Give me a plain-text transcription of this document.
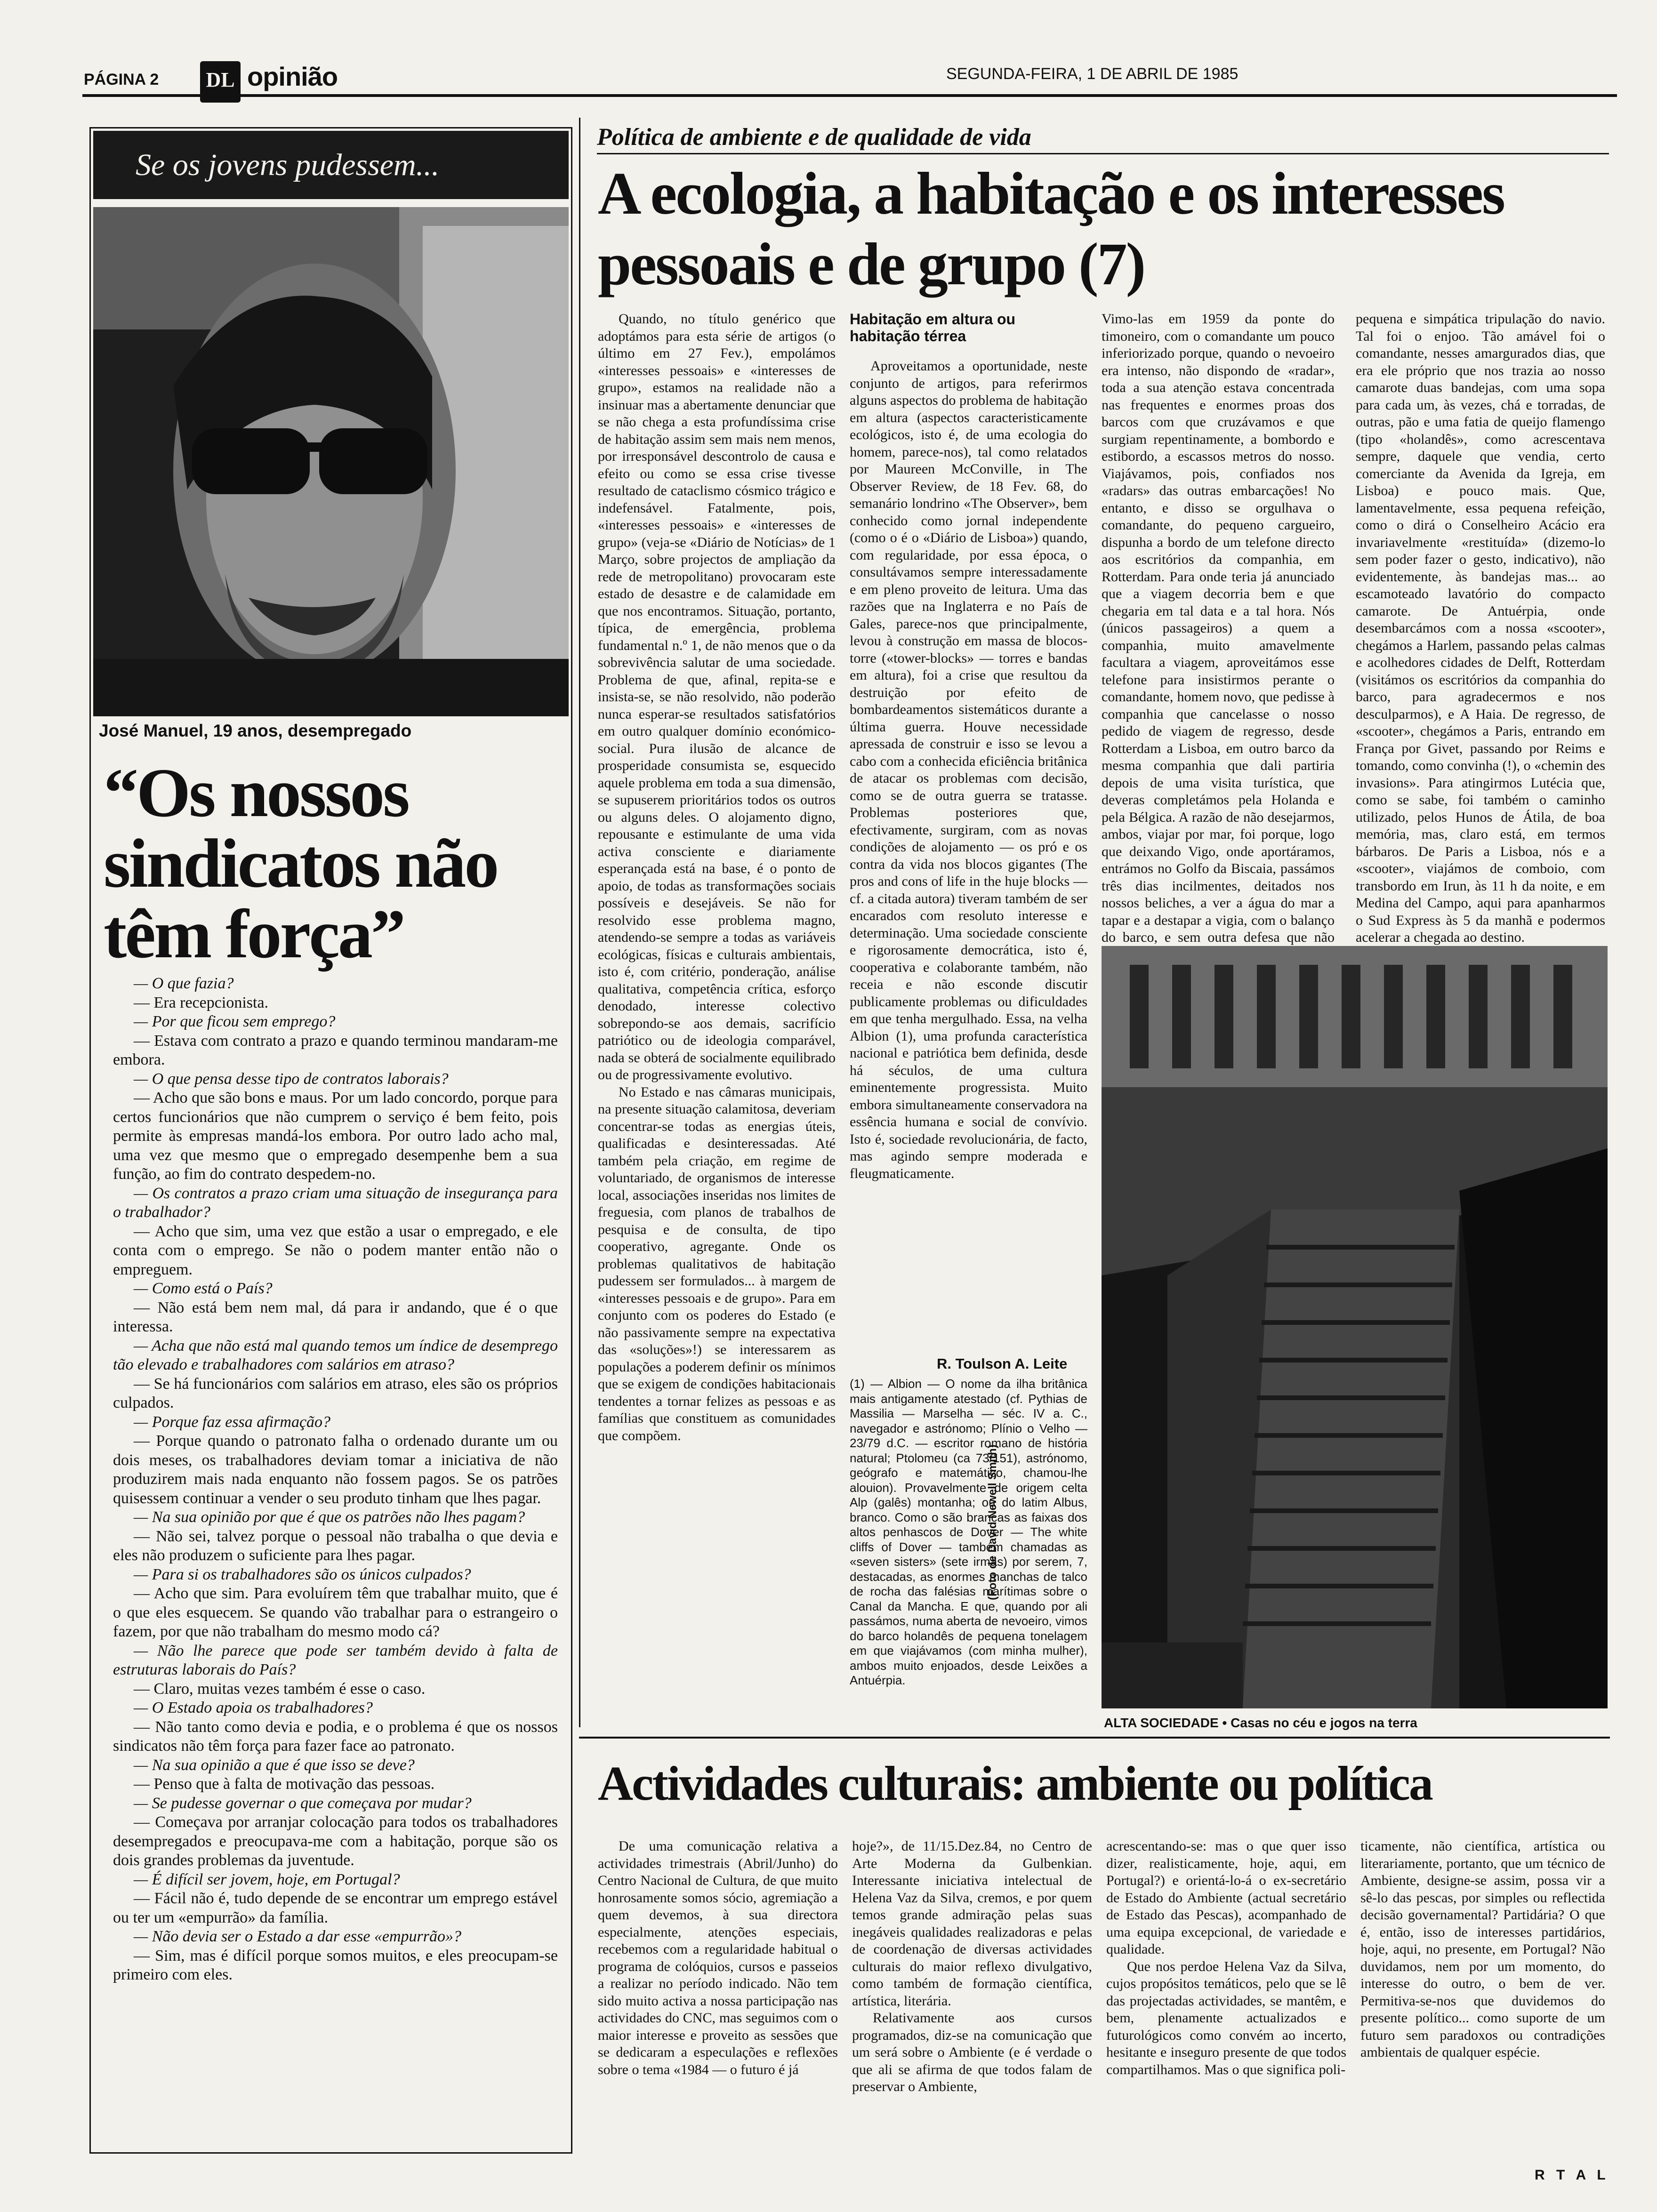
PÁGINA 2 DL opinião	SEGUNDA-FEIRA, 1 DE ABRIL DE 1985
Se os jovens pudessem...
José Manuel, 19 anos, desempregado
“Os nossos sindicatos não têm força”

— O que fazia?

— Era recepcionista.

— Por que ficou sem emprego?

— Estava com contrato a prazo e quando terminou mandaram-me embora.

— O que pensa desse tipo de contratos laborais?

— Acho que são bons e maus. Por um lado concordo, porque para certos funcionários que não cumprem o serviço é bem feito, pois permite às empresas mandá-los embora. Por outro lado acho mal, uma vez que mesmo que o empregado desempenhe bem a sua função, ao fim do contrato despedem-no.

— Os contratos a prazo criam uma situação de insegurança para o trabalhador?

— Acho que sim, uma vez que estão a usar o empregado, e ele conta com o emprego. Se não o podem manter então não o empreguem.

— Como está o País?

— Não está bem nem mal, dá para ir andando, que é o que interessa.

— Acha que não está mal quando temos um índice de desemprego tão elevado e trabalhadores com salários em atraso?

— Se há funcionários com salários em atraso, eles são os próprios culpados.

— Porque faz essa afirmação?

— Porque quando o patronato falha o ordenado durante um ou dois meses, os trabalhadores deviam tomar a iniciativa de não produzirem mais nada enquanto não fossem pagos. Se os patrões quisessem continuar a vender o seu produto tinham que lhes pagar.

— Na sua opinião por que é que os patrões não lhes pagam?

— Não sei, talvez porque o pessoal não trabalha o que devia e eles não produzem o suficiente para lhes pagar.

— Para si os trabalhadores são os únicos culpados?

— Acho que sim. Para evoluírem têm que trabalhar muito, que é o que eles esquecem. Se quando vão trabalhar para o estrangeiro o fazem, por que não trabalham do mesmo modo cá?

— Não lhe parece que pode ser também devido à falta de estruturas laborais do País?

— Claro, muitas vezes também é esse o caso.

— O Estado apoia os trabalhadores?

— Não tanto como devia e podia, e o problema é que os nossos sindicatos não têm força para fazer face ao patronato.

— Na sua opinião a que é que isso se deve?

— Penso que à falta de motivação das pessoas.

— Se pudesse governar o que começava por mudar?

— Começava por arranjar colocação para todos os trabalhadores desempregados e preocupava-me com a habitação, porque são os dois grandes problemas da juventude.

— É difícil ser jovem, hoje, em Portugal?

— Fácil não é, tudo depende de se encontrar um emprego estável ou ter um «empurrão» da família.

— Não devia ser o Estado a dar esse «empurrão»?

— Sim, mas é difícil porque somos muitos, e eles preocupam-se primeiro com eles.

Política de ambiente e de qualidade de vida
A ecologia, a habitação e os interesses
pessoais e de grupo (7)

Quando, no título genérico que adoptámos para esta série de artigos (o último em 27 Fev.), empolámos «interesses pessoais» e «interesses de grupo», estamos na realidade não a insinuar mas a abertamente denunciar que se não chega a esta profundíssima crise de habitação assim sem mais nem menos, por irresponsável descontrolo de causa e efeito ou como se essa crise tivesse resultado de cataclismo cósmico trágico e indefensável. Fatalmente, pois, «interesses pessoais» e «interesses de grupo» (veja-se «Diário de Notícias» de 1 Março, sobre projectos de ampliação da rede de metropolitano) provocaram este estado de desastre e de calamidade em que nos encontramos. Situação, portanto, típica, de emergência, problema fundamental n.º 1, de não menos que o da sobrevivência salutar de uma sociedade. Problema de que, afinal, repita-se e insista-se, se não resolvido, não poderão nunca esperar-se resultados satisfatórios em outro qualquer domínio económico-social. Pura ilusão de alcance de prosperidade consumista se, esquecido aquele problema em toda a sua dimensão, se supuserem prioritários todos os outros ou alguns deles. O alojamento digno, repousante e estimulante de uma vida activa consciente e diariamente esperançada está na base, é o ponto de apoio, de todas as transformações sociais possíveis e desejáveis. Se não for resolvido esse problema magno, atendendo-se sempre a todas as variáveis ecológicas, físicas e culturais ambientais, isto é, com critério, ponderação, análise qualitativa, competência crítica, esforço denodado, interesse colectivo sobrepondo-se aos demais, sacrifício patriótico ou de ideologia comparável, nada se obterá de socialmente equilibrado ou de progressivamente evolutivo.

No Estado e nas câmaras municipais, na presente situação calamitosa, deveriam concentrar-se todas as energias úteis, qualificadas e desinteressadas. Até também pela criação, em regime de voluntariado, de organismos de interesse local, associações inseridas nos limites de freguesia, com planos de trabalhos de pesquisa e de consulta, de tipo cooperativo, agregante. Onde os problemas qualitativos de habitação pudessem ser formulados... à margem de «interesses pessoais e de grupo». Para em conjunto com os poderes do Estado (e não passivamente sempre na expectativa das «soluções»!) se interessarem as populações a poderem definir os mínimos que se exigem de condições habitacionais tendentes a tornar felizes as pessoas e as famílias que constituem as comunidades que compõem.

Habitação em altura ou habitação térrea

Aproveitamos a oportunidade, neste conjunto de artigos, para referirmos alguns aspectos do problema de habitação em altura (aspectos caracteristicamente ecológicos, isto é, de uma ecologia do homem, parece-nos), tal como relatados por Maureen McConville, in The Observer Review, de 18 Fev. 68, do semanário londrino «The Observer», bem conhecido como jornal independente (como o é o «Diário de Lisboa») quando, com regularidade, por essa época, o consultávamos sempre interessadamente e em pleno proveito de leitura. Uma das razões que na Inglaterra e no País de Gales, parece-nos que principalmente, levou à construção em massa de blocos-torre («tower-blocks» — torres e bandas em altura), foi a crise que resultou da destruição por efeito de bombardeamentos sistemáticos durante a última guerra. Houve necessidade apressada de construir e isso se levou a cabo com a conhecida eficiência britânica de atacar os problemas com decisão, como se de outra guerra se tratasse. Problemas posteriores que, efectivamente, surgiram, com as novas condições de alojamento — os pró e os contra da vida nos blocos gigantes (The pros and cons of life in the huje blocks — cf. a citada autora) tiveram também de ser encarados com resoluto interesse e determinação. Uma sociedade consciente e rigorosamente democrática, isto é, cooperativa e colaborante também, não receia e não esconde discutir publicamente problemas ou dificuldades em que tenha mergulhado. Essa, na velha Albion (1), uma profunda característica nacional e patriótica bem definida, desde há séculos, de uma cultura eminentemente progressista. Muito embora simultaneamente conservadora na essência humana e social de convívio. Isto é, sociedade revolucionária, de facto, mas agindo sempre moderada e fleugmaticamente.

R. Toulson A. Leite

(1) — Albion — O nome da ilha britânica mais antigamente atestado (cf. Pythias de Massilia — Marselha — séc. IV a. C., navegador e astrónomo; Plínio o Velho — 23/79 d.C. — escritor romano de história natural; Ptolomeu (ca 73/151), astrónomo, geógrafo e matemático, chamou-lhe alouion). Provavelmente de origem celta Alp (galês) montanha; ou do latim Albus, branco. Como o são brancas as faixas dos altos penhascos de Dover — The white cliffs of Dover — também chamadas as «seven sisters» (sete irmãs) por serem, 7, destacadas, as enormes manchas de talco de rocha das falésias marítimas sobre o Canal da Mancha. E que, quando por ali passámos, numa aberta de nevoeiro, vimos do barco holandês de pequena tonelagem em que viajávamos (com minha mulher), ambos muito enjoados, desde Leixões a Antuérpia.

Vimo-las em 1959 da ponte do timoneiro, com o comandante um pouco inferiorizado porque, quando o nevoeiro era intenso, não dispondo de «radar», toda a sua atenção estava concentrada nas frequentes e enormes proas dos barcos com que cruzávamos e que surgiam repentinamente, a bombordo e estibordo, a escassos metros do nosso. Viajávamos, pois, confiados nos «radars» das outras embarcações! No entanto, e disso se orgulhava o comandante, do pequeno cargueiro, dispunha a bordo de um telefone directo aos escritórios da companhia, em Rotterdam. Para onde teria já anunciado que a viagem decorria bem e que chegaria em tal data e a tal hora. Nós (únicos passageiros) a quem a companhia, muito amavelmente facultara a viagem, aproveitámos esse telefone para insistirmos perante o comandante, homem novo, que pedisse à companhia que cancelasse o nosso pedido de viagem de regresso, desde Rotterdam a Lisboa, em outro barco da mesma companhia que dali partiria depois de uma visita turística, que deveras completámos pela Holanda e pela Bélgica. A razão de não desejarmos, ambos, viajar por mar, foi porque, logo que deixando Vigo, onde aportáramos, entrámos no Golfo da Biscaia, passámos três dias incilmentes, deitados nos nossos beliches, a ver a água do mar a tapar e a destapar a vigia, com o balanço do barco, e sem outra defesa que não

pequena e simpática tripulação do navio. Tal foi o enjoo. Tão amável foi o comandante, nesses amargurados dias, que era ele próprio que nos trazia ao nosso camarote duas bandejas, com uma sopa para cada um, às vezes, chá e torradas, de outras, pão e uma fatia de queijo flamengo (tipo «holandês», como acrescentava sempre, daquele que vendia, certo comerciante da Avenida da Igreja, em Lisboa) e pouco mais. Que, lamentavelmente, essa pequena refeição, como o dirá o Conselheiro Acácio era invariavelmente «restituída» (dizemo-lo sem poder fazer o gesto, indicativo), não evidentemente, às bandejas mas... ao escamoteado lavatório do compacto camarote. De Antuérpia, onde desembarcámos com a nossa «scooter», chegámos a Harlem, passando pelas calmas e acolhedores cidades de Delft, Rotterdam (visitámos os escritórios da companhia do barco, para agradecermos e nos desculparmos), e A Haia. De regresso, de «scooter», chegámos a Paris, entrando em França por Givet, passando por Reims e tomando, como convinha (!), o «chemin des invasions». Para atingirmos Lutécia que, como se sabe, foi também o caminho utilizado, pelos Hunos de Átila, de boa memória, mas, claro está, em termos bárbaros. De Paris a Lisboa, nós e a «scooter», viajámos de comboio, com transbordo em Irun, às 11 h da noite, e em Medina del Campo, aqui para apanharmos o Sud Express às 5 da manhã e podermos acelerar a chegada ao destino.

(Foto de David Newell Smith)
ALTA SOCIEDADE • Casas no céu e jogos na terra
Actividades culturais: ambiente ou política

De uma comunicação relativa a actividades trimestrais (Abril/Junho) do Centro Nacional de Cultura, de que muito honrosamente somos sócio, agremiação a quem devemos, à sua directora especialmente, atenções especiais, recebemos com a regularidade habitual o programa de colóquios, cursos e passeios a realizar no período indicado. Não tem sido muito activa a nossa participação nas actividades do CNC, mas seguimos com o maior interesse e proveito as sessões que se dedicaram a especulações e reflexões sobre o tema «1984 — o futuro é já

hoje?», de 11/15.Dez.84, no Centro de Arte Moderna da Gulbenkian. Interessante iniciativa intelectual de Helena Vaz da Silva, cremos, e por quem temos grande admiração pelas suas inegáveis qualidades realizadoras e pelas de coordenação de diversas actividades culturais do maior reflexo divulgativo, como também de formação científica, artística, literária.

Relativamente aos cursos programados, diz-se na comunicação que um será sobre o Ambiente (e é verdade o que ali se afirma de que todos falam de preservar o Ambiente,

acrescentando-se: mas o que quer isso dizer, realisticamente, hoje, aqui, em Portugal?) e orientá-lo-á o ex-secretário de Estado do Ambiente (actual secretário de Estado das Pescas), acompanhado de uma equipa excepcional, de variedade e qualidade.

Que nos perdoe Helena Vaz da Silva, cujos propósitos temáticos, pelo que se lê das projectadas actividades, se mantêm, e bem, plenamente actualizados e futurológicos como convém ao incerto, hesitante e inseguro presente de que todos compartilhamos. Mas o que significa poli-

ticamente, não científica, artística ou literariamente, portanto, que um técnico de Ambiente, designe-se assim, possa vir a sê-lo das pescas, por simples ou reflectida decisão governamental? Partidária? O que é, então, isso de interesses partidários, hoje, aqui, no presente, em Portugal? Não duvidamos, nem por um momento, do interesse do outro, o bem de ver. Permitiva-se-nos que duvidemos do presente político... como suporte de um futuro sem paradoxos ou contradições ambientais de qualquer espécie.

R T A L
